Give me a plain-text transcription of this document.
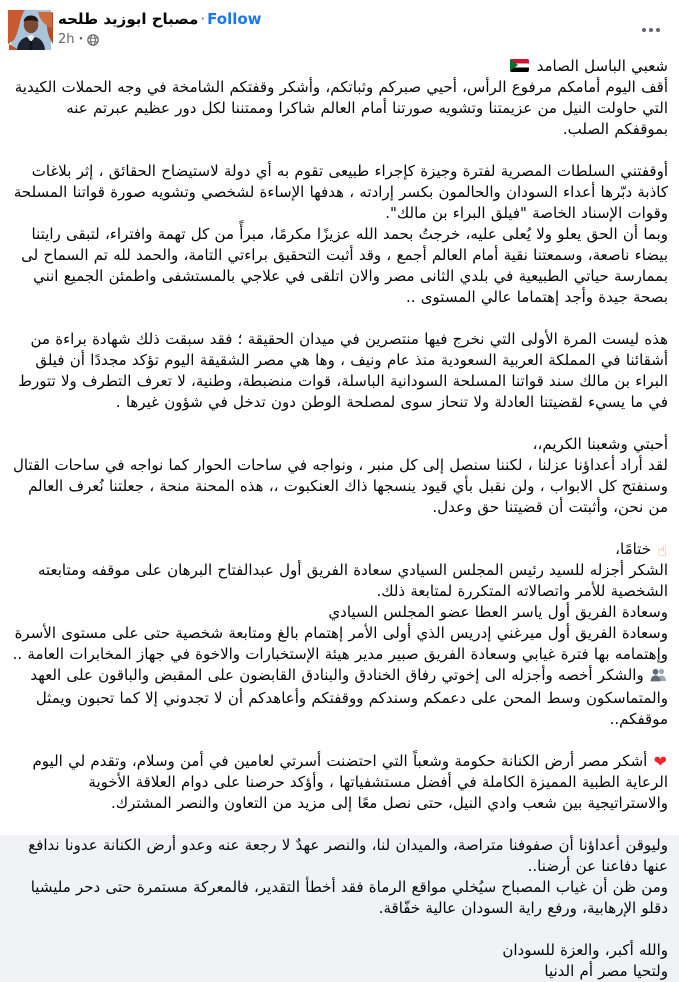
مصباح ابوزيد طلحه · Follow
2h ·
شعبي الباسل الصامد
أقف اليوم أمامكم مرفوع الرأس، أحيي صبركم وثباتكم، وأشكر وقفتكم الشامخة في وجه الحملات الكيدية التي حاولت النيل من عزيمتنا وتشويه صورتنا أمام العالم شاكرا وممتننا لكل دور عظيم عبرتم عنه بموقفكم الصلب.
أوقفتني السلطات المصرية لفترة وجيزة كإجراء طبيعى تقوم به أي دولة لاستيضاح الحقائق ، إثر بلاغات كاذبة دبّرها أعداء السودان والحالمون بكسر إرادته ، هدفها الإساءة لشخصي وتشويه صورة قواتنا المسلحة وقوات الإسناد الخاصة "فيلق البراء بن مالك".
وبما أن الحق يعلو ولا يُعلى عليه، خرجتُ بحمد الله عزيزًا مكرمًا، مبرأً من كل تهمة وافتراء، لتبقى رايتنا بيضاء ناصعة، وسمعتنا نقية أمام العالم أجمع ، وقد أثبت التحقيق براءتي التامة، والحمد لله تم السماح لى بممارسة حياتي الطبيعية في بلدي الثانى مصر والان اتلقى في علاجي بالمستشفى واطمئن الجميع انني بصحة جيدة وأجد إهتماما عالي المستوى ..
هذه ليست المرة الأولى التي نخرج فيها منتصرين في ميدان الحقيقة ؛ فقد سبقت ذلك شهادة براءة من أشقائنا في المملكة العربية السعودية منذ عام ونيف ، وها هي مصر الشقيقة اليوم تؤكد مجددًا أن فيلق البراء بن مالك سند قواتنا المسلحة السودانية الباسلة، قوات منضبطة، وطنية، لا تعرف التطرف ولا تتورط في ما يسيء لقضيتنا العادلة ولا تنحاز سوى لمصلحة الوطن دون تدخل في شؤون غيرها .
أحبتي وشعبنا الكريم،،
لقد أراد أعداؤنا عزلنا ، لكننا سنصل إلى كل منبر ، ونواجه في ساحات الحوار كما نواجه في ساحات القتال وسنفتح كل الابواب ، ولن نقبل بأي قيود ينسجها ذاك العنكبوت ،، هذه المحنة منحة ، جعلتنا نُعرف العالم من نحن، وأثبتت أن قضيتنا حق وعدل.
☝ ختامًا،
الشكر أجزله للسيد رئيس المجلس السيادي سعادة الفريق أول عبدالفتاح البرهان على موقفه ومتابعته الشخصية للأمر واتصالاته المتكررة لمتابعة ذلك.
وسعادة الفريق أول ياسر العطا عضو المجلس السيادي
وسعادة الفريق أول ميرغني إدريس الذي أولى الأمر إهتمام بالغ ومتابعة شخصية حتى على مستوى الأسرة وإهتمامه بها فترة غيابي وسعادة الفريق صبير مدير هيئة الإستخبارات والاخوة في جهاز المخابرات العامة ..
والشكر أخصه وأجزله الى إخوتي رفاق الخنادق والبنادق القابضون على المقبض والباقون على العهد والمتماسكون وسط المحن على دعمكم وسندكم ووقفتكم وأعاهدكم أن لا تجدوني إلا كما تحبون ويمثل موقفكم..
❤ أشكر مصر أرض الكنانة حكومة وشعباً التي احتضنت أسرتي لعامين في أمن وسلام، وتقدم لي اليوم الرعاية الطبية المميزة الكاملة في أفضل مستشفياتها ، وأؤكد حرصنا على دوام العلاقة الأخوية والاستراتيجية بين شعب وادي النيل، حتى نصل معًا إلى مزيد من التعاون والنصر المشترك.
وليوقن أعداؤنا أن صفوفنا متراصة، والميدان لنا، والنصر عهدٌ لا رجعة عنه وعدو أرض الكنانة عدونا ندافع عنها دفاعنا عن أرضنا..
ومن ظن أن غياب المصباح سيُخلي مواقع الرماة فقد أخطأ التقدير، فالمعركة مستمرة حتى دحر مليشيا دقلو الإرهابية، ورفع راية السودان عالية خفّاقة.
والله أكبر، والعزة للسودان
ولتحيا مصر أم الدنيا
